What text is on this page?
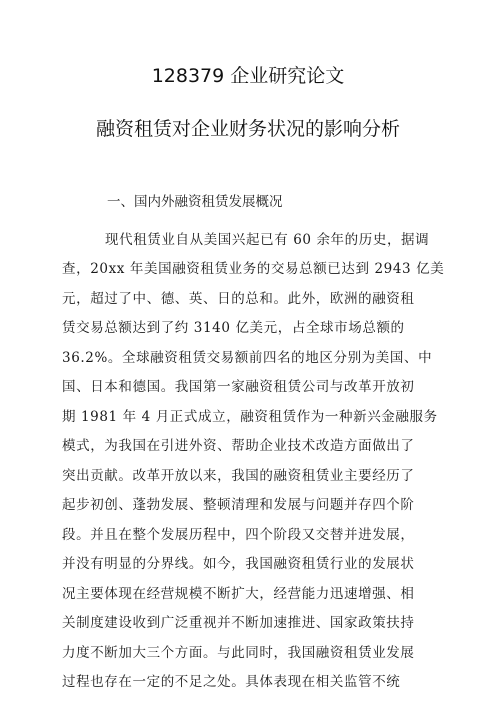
128379 企业研究论文
融资租赁对企业财务状况的影响分析
一、国内外融资租赁发展概况
现代租赁业自从美国兴起已有 60 余年的历史，据调
查，20xx 年美国融资租赁业务的交易总额已达到 2943 亿美
元，超过了中、德、英、日的总和。此外，欧洲的融资租
赁交易总额达到了约 3140 亿美元，占全球市场总额的
36.2%。全球融资租赁交易额前四名的地区分别为美国、中
国、日本和德国。我国第一家融资租赁公司与改革开放初
期 1981 年 4 月正式成立，融资租赁作为一种新兴金融服务
模式，为我国在引进外资、帮助企业技术改造方面做出了
突出贡献。改革开放以来，我国的融资租赁业主要经历了
起步初创、蓬勃发展、整顿清理和发展与问题并存四个阶
段。并且在整个发展历程中，四个阶段又交替并进发展，
并没有明显的分界线。如今，我国融资租赁行业的发展状
况主要体现在经营规模不断扩大，经营能力迅速增强、相
关制度建设收到广泛重视并不断加速推进、国家政策扶持
力度不断加大三个方面。与此同时，我国融资租赁业发展
过程也存在一定的不足之处。具体表现在相关监管不统
